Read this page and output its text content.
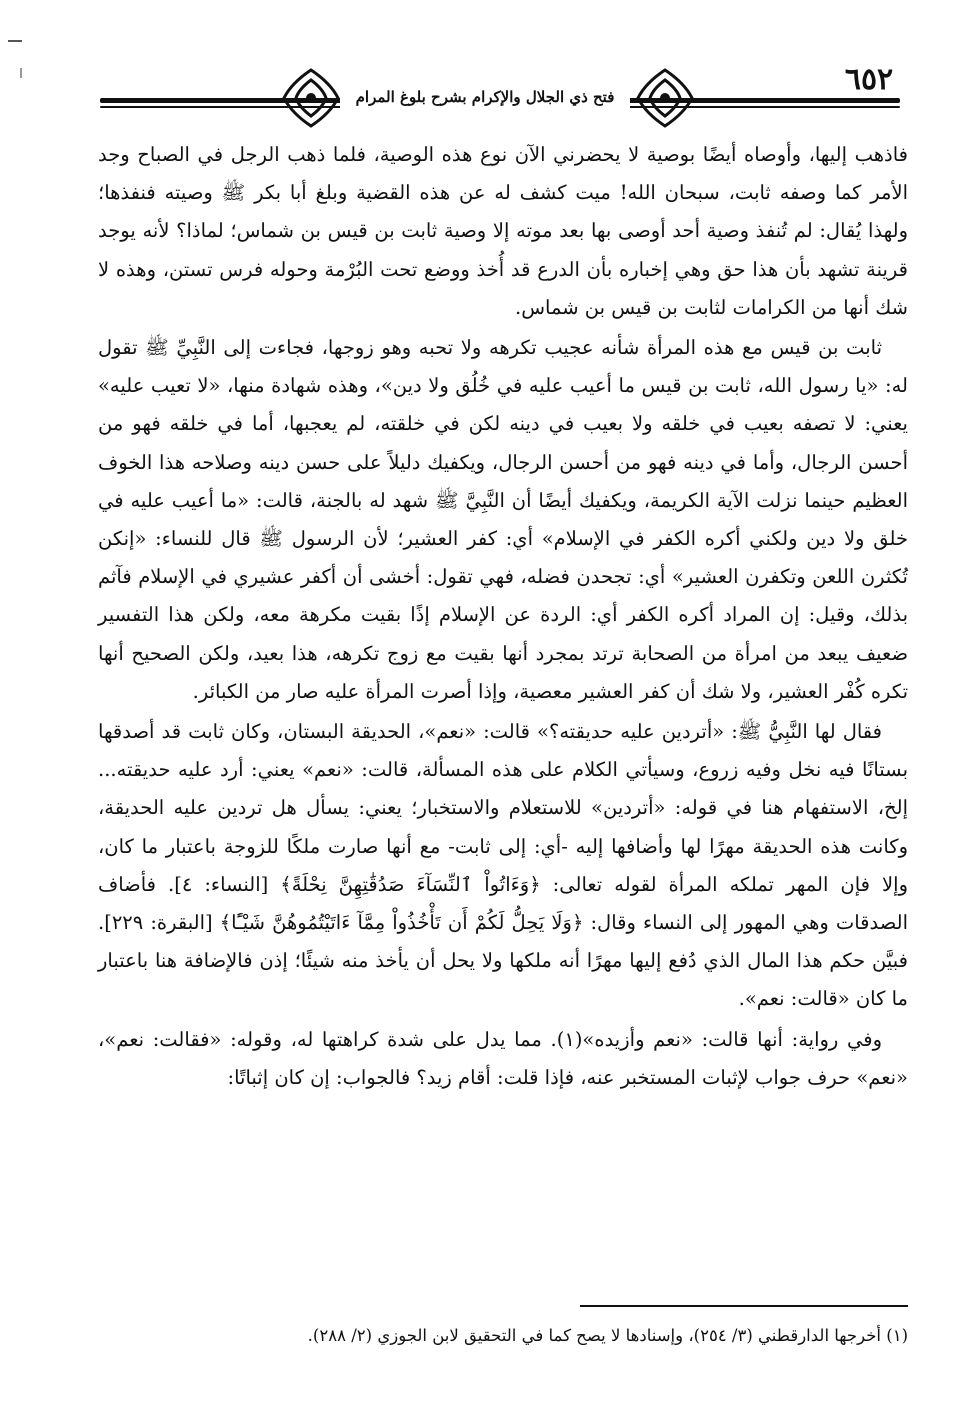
فتح ذي الجلال والإكرام بشرح بلوغ المرام	٦٥٢

فاذهب إليها، وأوصاه أيضًا بوصية لا يحضرني الآن نوع هذه الوصية، فلما ذهب الرجل في الصباح وجد الأمر كما وصفه ثابت، سبحان الله! ميت كشف له عن هذه القضية وبلغ أبا بكر ﷺ وصيته فنفذها؛ ولهذا يُقال: لم تُنفذ وصية أحد أوصى بها بعد موته إلا وصية ثابت بن قيس بن شماس؛ لماذا؟ لأنه يوجد قرينة تشهد بأن هذا حق وهي إخباره بأن الدرع قد أُخذ ووضع تحت البُرْمة وحوله فرس تستن، وهذه لا شك أنها من الكرامات لثابت بن قيس بن شماس.

ثابت بن قيس مع هذه المرأة شأنه عجيب تكرهه ولا تحبه وهو زوجها، فجاءت إلى النَّبِيِّ ﷺ تقول له: «يا رسول الله، ثابت بن قيس ما أعيب عليه في خُلُق ولا دين»، وهذه شهادة منها، «لا تعيب عليه» يعني: لا تصفه بعيب في خلقه ولا بعيب في دينه لكن في خلقته، لم يعجبها، أما في خلقه فهو من أحسن الرجال، وأما في دينه فهو من أحسن الرجال، ويكفيك دليلاً على حسن دينه وصلاحه هذا الخوف العظيم حينما نزلت الآية الكريمة، ويكفيك أيضًا أن النَّبِيَّ ﷺ شهد له بالجنة، قالت: «ما أعيب عليه في خلق ولا دين ولكني أكره الكفر في الإسلام» أي: كفر العشير؛ لأن الرسول ﷺ قال للنساء: «إنكن تُكثرن اللعن وتكفرن العشير» أي: تجحدن فضله، فهي تقول: أخشى أن أكفر عشيري في الإسلام فآثم بذلك، وقيل: إن المراد أكره الكفر أي: الردة عن الإسلام إذًا بقيت مكرهة معه، ولكن هذا التفسير ضعيف يبعد من امرأة من الصحابة ترتد بمجرد أنها بقيت مع زوج تكرهه، هذا بعيد، ولكن الصحيح أنها تكره كُفْر العشير، ولا شك أن كفر العشير معصية، وإذا أصرت المرأة عليه صار من الكبائر.

فقال لها النَّبِيُّ ﷺ: «أتردين عليه حديقته؟» قالت: «نعم»، الحديقة البستان، وكان ثابت قد أصدقها بستانًا فيه نخل وفيه زروع، وسيأتي الكلام على هذه المسألة، قالت: «نعم» يعني: أرد عليه حديقته... إلخ، الاستفهام هنا في قوله: «أتردين» للاستعلام والاستخبار؛ يعني: يسأل هل تردين عليه الحديقة، وكانت هذه الحديقة مهرًا لها وأضافها إليه -أي: إلى ثابت- مع أنها صارت ملكًا للزوجة باعتبار ما كان، وإلا فإن المهر تملكه المرأة لقوله تعالى: ﴿وَءَاتُواْ ٱلنِّسَآءَ صَدُقَٰتِهِنَّ نِحْلَةً﴾ [النساء: ٤]. فأضاف الصدقات وهي المهور إلى النساء وقال: ﴿وَلَا يَحِلُّ لَكُمْ أَن تَأْخُذُواْ مِمَّآ ءَاتَيْتُمُوهُنَّ شَيْـًٔا﴾ [البقرة: ٢٢٩]. فبيَّن حكم هذا المال الذي دُفع إليها مهرًا أنه ملكها ولا يحل أن يأخذ منه شيئًا؛ إذن فالإضافة هنا باعتبار ما كان «قالت: نعم».

وفي رواية: أنها قالت: «نعم وأزيده»(١). مما يدل على شدة كراهتها له، وقوله: «فقالت: نعم»، «نعم» حرف جواب لإثبات المستخبر عنه، فإذا قلت: أقام زيد؟ فالجواب: إن كان إثباتًا:

(١) أخرجها الدارقطني (٣/ ٢٥٤)، وإسنادها لا يصح كما في التحقيق لابن الجوزي (٢/ ٢٨٨).
